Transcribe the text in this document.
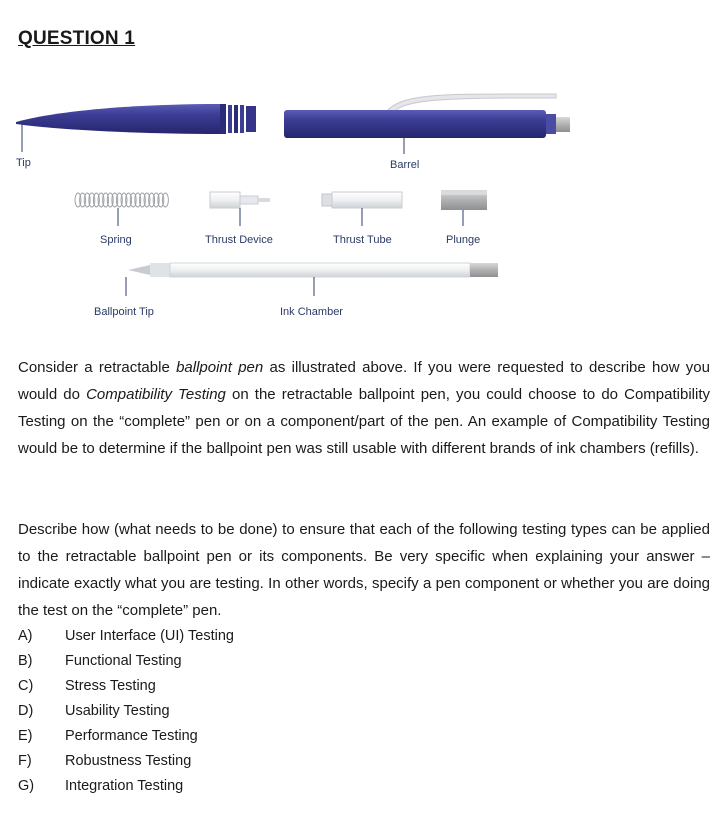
QUESTION 1
Tip	Barrel
Spring	Thrust Device	Thrust Tube	Plunge
Ballpoint Tip	Ink Chamber

Consider a retractable ballpoint pen as illustrated above. If you were requested to describe how you would do Compatibility Testing on the retractable ballpoint pen, you could choose to do Compatibility Testing on the “complete” pen or on a component/part of the pen. An example of Compatibility Testing would be to determine if the ballpoint pen was still usable with different brands of ink chambers (refills).

Describe how (what needs to be done) to ensure that each of the following testing types can be applied to the retractable ballpoint pen or its components. Be very specific when explaining your answer – indicate exactly what you are testing. In other words, specify a pen component or whether you are doing the test on the “complete” pen.

A)	User Interface (UI) Testing
B)	Functional Testing
C)	Stress Testing
D)	Usability Testing
E)	Performance Testing
F)	Robustness Testing
G)	Integration Testing
